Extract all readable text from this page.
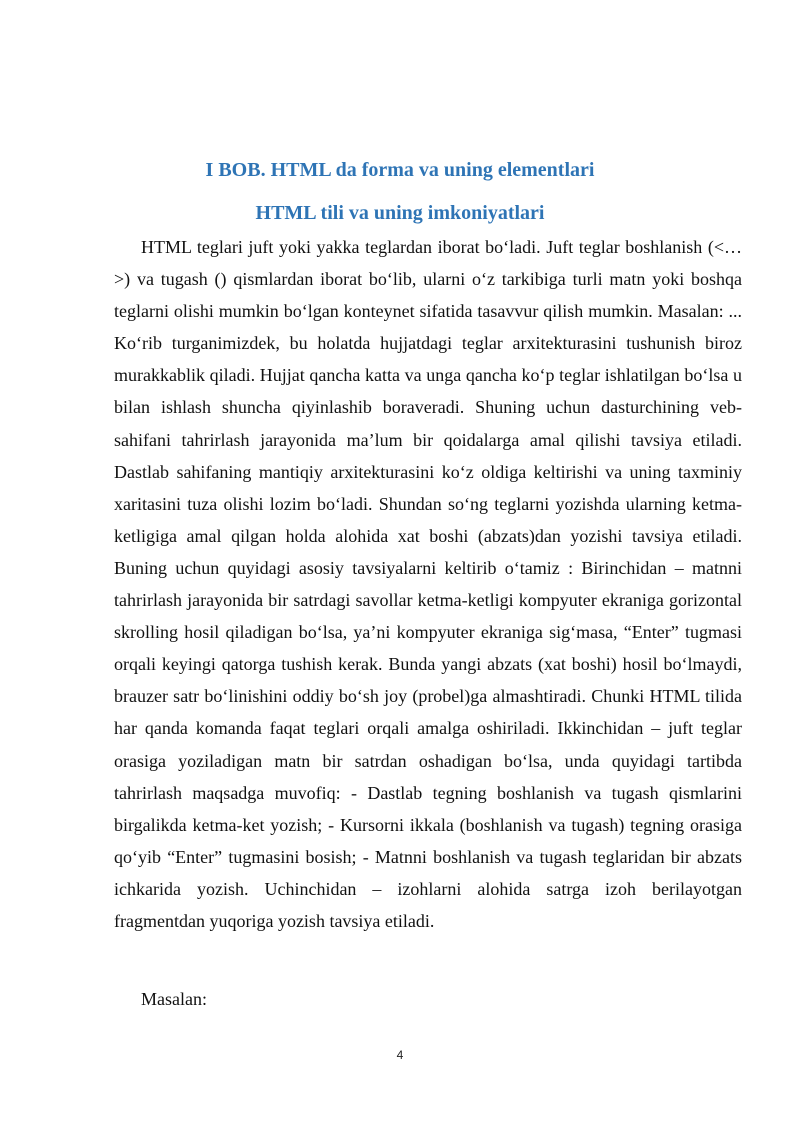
I BOB. HTML da forma va uning elementlari
HTML tili va uning imkoniyatlari

HTML teglari juft yoki yakka teglardan iborat bo‘ladi. Juft teglar boshlanish (<…>) va tugash () qismlardan iborat bo‘lib, ularni o‘z tarkibiga turli matn yoki boshqa teglarni olishi mumkin bo‘lgan konteynet sifatida tasavvur qilish mumkin. Masalan: ... Ko‘rib turganimizdek, bu holatda hujjatdagi teglar arxitekturasini tushunish biroz murakkablik qiladi. Hujjat qancha katta va unga qancha ko‘p teglar ishlatilgan bo‘lsa u bilan ishlash shuncha qiyinlashib boraveradi. Shuning uchun dasturchining veb-sahifani tahrirlash jarayonida ma’lum bir qoidalarga amal qilishi tavsiya etiladi. Dastlab sahifaning mantiqiy arxitekturasini ko‘z oldiga keltirishi va uning taxminiy xaritasini tuza olishi lozim bo‘ladi. Shundan so‘ng teglarni yozishda ularning ketma-ketligiga amal qilgan holda alohida xat boshi (abzats)dan yozishi tavsiya etiladi. Buning uchun quyidagi asosiy tavsiyalarni keltirib o‘tamiz : Birinchidan – matnni tahrirlash jarayonida bir satrdagi savollar ketma-ketligi kompyuter ekraniga gorizontal skrolling hosil qiladigan bo‘lsa, ya’ni kompyuter ekraniga sig‘masa, “Enter” tugmasi orqali keyingi qatorga tushish kerak. Bunda yangi abzats (xat boshi) hosil bo‘lmaydi, brauzer satr bo‘linishini oddiy bo‘sh joy (probel)ga almashtiradi. Chunki HTML tilida har qanda komanda faqat teglari orqali amalga oshiriladi. Ikkinchidan – juft teglar orasiga yoziladigan matn bir satrdan oshadigan bo‘lsa, unda quyidagi tartibda tahrirlash maqsadga muvofiq: - Dastlab tegning boshlanish va tugash qismlarini birgalikda ketma-ket yozish; - Kursorni ikkala (boshlanish va tugash) tegning orasiga qo‘yib “Enter” tugmasini bosish; - Matnni boshlanish va tugash teglaridan bir abzats ichkarida yozish. Uchinchidan – izohlarni alohida satrga izoh berilayotgan fragmentdan yuqoriga yozish tavsiya etiladi.

Masalan:

4
